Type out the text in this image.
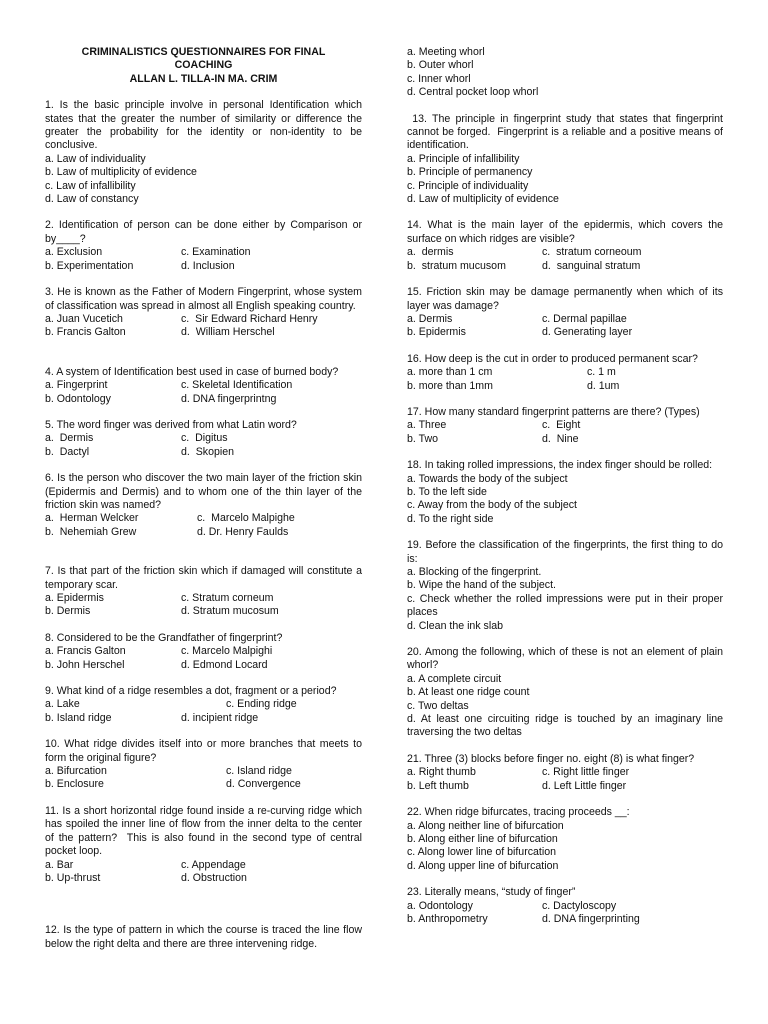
CRIMINALISTICS QUESTIONNAIRES FOR FINAL
COACHING
ALLAN L. TILLA-IN MA. CRIM
1. Is the basic principle involve in personal Identification which states that the greater the number of similarity or difference the greater the probability for the identity or non-identity to be conclusive.
a. Law of individuality
b. Law of multiplicity of evidence
c. Law of infallibility
d. Law of constancy
2. Identification of person can be done either by Comparison or by____?
a. Exclusion	c. Examination
b. Experimentation	d. Inclusion
3. He is known as the Father of Modern Fingerprint, whose system of classification was spread in almost all English speaking country.
a. Juan Vucetich	c.  Sir Edward Richard Henry
b. Francis Galton	d.  William Herschel
4. A system of Identification best used in case of burned body?
a. Fingerprint	c. Skeletal Identification
b. Odontology	d. DNA fingerprintng
5. The word finger was derived from what Latin word?
a.  Dermis	c.  Digitus
b.  Dactyl	d.  Skopien
6. Is the person who discover the two main layer of the friction skin (Epidermis and Dermis) and to whom one of the thin layer of the friction skin was named?
a.  Herman Welcker	c.  Marcelo Malpighe
b.  Nehemiah Grew	d. Dr. Henry Faulds
7. Is that part of the friction skin which if damaged will constitute a temporary scar.
a. Epidermis	c. Stratum corneum
b. Dermis	d. Stratum mucosum
8. Considered to be the Grandfather of fingerprint?
a. Francis Galton	c. Marcelo Malpighi
b. John Herschel	d. Edmond Locard
9. What kind of a ridge resembles a dot, fragment or a period?
a. Lake	c. Ending ridge
b. Island ridge	d. incipient ridge
10. What ridge divides itself into or more branches that meets to form the original figure?
a. Bifurcation	c. Island ridge
b. Enclosure	d. Convergence
11. Is a short horizontal ridge found inside a re-curving ridge which has spoiled the inner line of flow from the inner delta to the center of the pattern?  This is also found in the second type of central pocket loop.
a. Bar	c. Appendage
b. Up-thrust	d. Obstruction
12. Is the type of pattern in which the course is traced the line flow below the right delta and there are three intervening ridge.
a. Meeting whorl
b. Outer whorl
c. Inner whorl
d. Central pocket loop whorl
13. The principle in fingerprint study that states that fingerprint cannot be forged.  Fingerprint is a reliable and a positive means of identification.
a. Principle of infallibility
b. Principle of permanency
c. Principle of individuality
d. Law of multiplicity of evidence
14. What is the main layer of the epidermis, which covers the surface on which ridges are visible?
a.  dermis	c.  stratum corneoum
b.  stratum mucusom	d.  sanguinal stratum
15. Friction skin may be damage permanently when which of its layer was damage?
a. Dermis	c. Dermal papillae
b. Epidermis	d. Generating layer
16. How deep is the cut in order to produced permanent scar?
a. more than 1 cm	c. 1 m
b. more than 1mm	d. 1um
17. How many standard fingerprint patterns are there? (Types)
a. Three	c.  Eight
b. Two	d.  Nine
18. In taking rolled impressions, the index finger should be rolled:
a. Towards the body of the subject
b. To the left side
c. Away from the body of the subject
d. To the right side
19. Before the classification of the fingerprints, the first thing to do is:
a. Blocking of the fingerprint.
b. Wipe the hand of the subject.
c. Check whether the rolled impressions were put in their proper places
d. Clean the ink slab
20. Among the following, which of these is not an element of plain whorl?
a. A complete circuit
b. At least one ridge count
c. Two deltas
d. At least one circuiting ridge is touched by an imaginary line traversing the two deltas
21. Three (3) blocks before finger no. eight (8) is what finger?
a. Right thumb	c. Right little finger
b. Left thumb	d. Left Little finger
22. When ridge bifurcates, tracing proceeds __:
a. Along neither line of bifurcation
b. Along either line of bifurcation
c. Along lower line of bifurcation
d. Along upper line of bifurcation
23. Literally means, “study of finger”
a. Odontology	c. Dactyloscopy
b. Anthropometry	d. DNA fingerprinting
